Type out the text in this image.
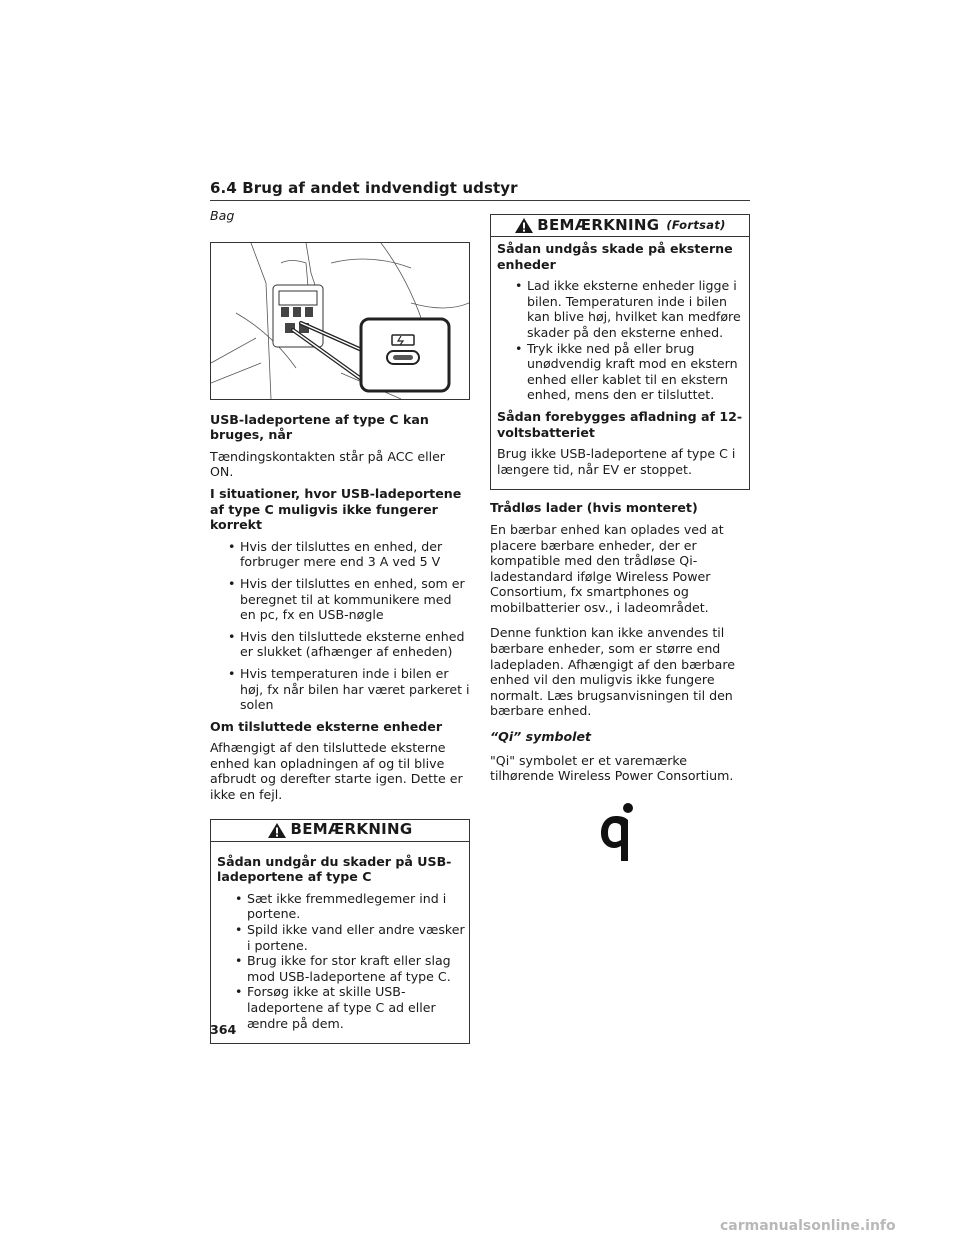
6.4 Brug af andet indvendigt udstyr
Bag
USB-ladeportene af type C kan bruges, når

Tændingskontakten står på ACC eller ON.

I situationer, hvor USB-ladeportene af type C muligvis ikke fungerer korrekt
• Hvis der tilsluttes en enhed, der forbruger mere end 3 A ved 5 V
• Hvis der tilsluttes en enhed, som er beregnet til at kommunikere med en pc, fx en USB-nøgle
• Hvis den tilsluttede eksterne enhed er slukket (afhænger af enheden)
• Hvis temperaturen inde i bilen er høj, fx når bilen har været parkeret i solen
Om tilsluttede eksterne enheder

Afhængigt af den tilsluttede eksterne enhed kan opladningen af og til blive afbrudt og derefter starte igen. Dette er ikke en fejl.

BEMÆRKNING
Sådan undgår du skader på USB-ladeportene af type C
• Sæt ikke fremmedlegemer ind i portene.
• Spild ikke vand eller andre væsker i portene.
• Brug ikke for stor kraft eller slag mod USB-ladeportene af type C.
• Forsøg ikke at skille USB-ladeportene af type C ad eller ændre på dem.
BEMÆRKNING (Fortsat)
Sådan undgås skade på eksterne enheder
• Lad ikke eksterne enheder ligge i bilen. Temperaturen inde i bilen kan blive høj, hvilket kan medføre skader på den eksterne enhed.
• Tryk ikke ned på eller brug unødvendig kraft mod en ekstern enhed eller kablet til en ekstern enhed, mens den er tilsluttet.
Sådan forebygges afladning af 12-voltsbatteriet

Brug ikke USB-ladeportene af type C i længere tid, når EV er stoppet.

Trådløs lader (hvis monteret)

En bærbar enhed kan oplades ved at placere bærbare enheder, der er kompatible med den trådløse Qi-ladestandard ifølge Wireless Power Consortium, fx smartphones og mobilbatterier osv., i ladeområdet.

Denne funktion kan ikke anvendes til bærbare enheder, som er større end ladepladen. Afhængigt af den bærbare enhed vil den muligvis ikke fungere normalt. Læs brugsanvisningen til den bærbare enhed.

“Qi” symbolet

"Qi" symbolet er et varemærke tilhørende Wireless Power Consortium.

364
carmanualsonline.info
